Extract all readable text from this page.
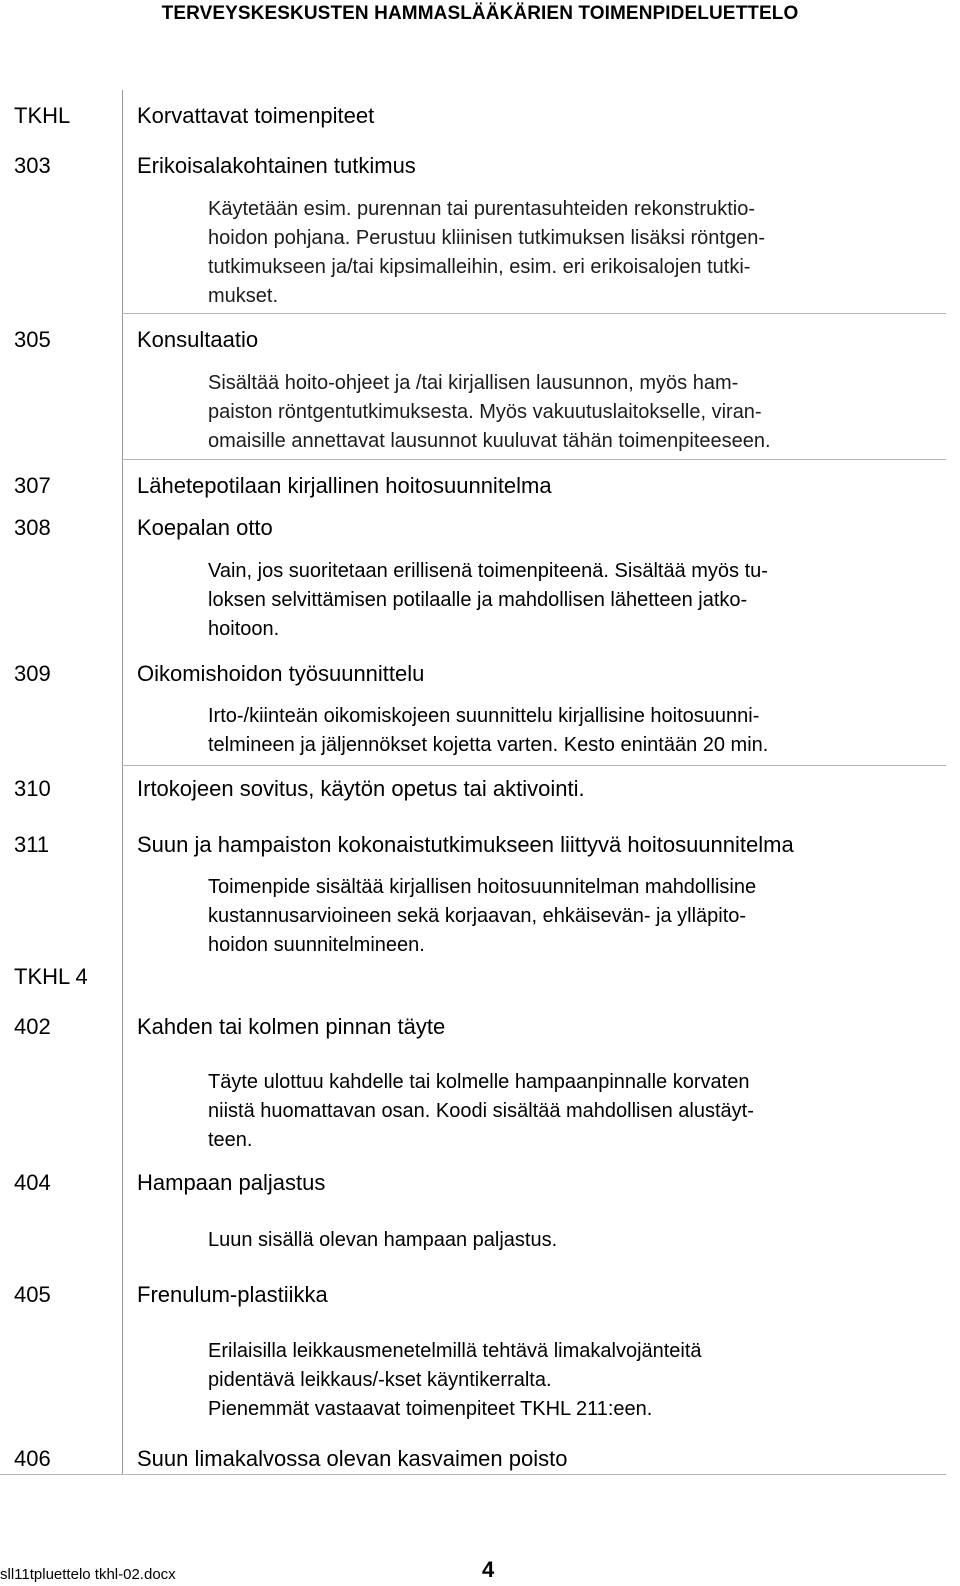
TERVEYSKESKUSTEN HAMMASLÄÄKÄRIEN TOIMENPIDELUETTELO
TKHL	Korvattavat toimenpiteet
303	Erikoisalakohtainen tutkimus
Käytetään esim. purennan tai purentasuhteiden rekonstruktio-
hoidon pohjana. Perustuu kliinisen tutkimuksen lisäksi röntgen-
tutkimukseen ja/tai kipsimalleihin, esim. eri erikoisalojen tutki-
mukset.
305	Konsultaatio
Sisältää hoito-ohjeet ja /tai kirjallisen lausunnon, myös ham-
paiston röntgentutkimuksesta. Myös vakuutuslaitokselle, viran-
omaisille annettavat lausunnot kuuluvat tähän toimenpiteeseen.
307	Lähetepotilaan kirjallinen hoitosuunnitelma
308	Koepalan otto
Vain, jos suoritetaan erillisenä toimenpiteenä. Sisältää myös tu-
loksen selvittämisen potilaalle ja mahdollisen lähetteen jatko-
hoitoon.
309	Oikomishoidon työsuunnittelu
Irto-/kiinteän oikomiskojeen suunnittelu kirjallisine hoitosuunni-
telmineen ja jäljennökset kojetta varten. Kesto enintään 20 min.
310	Irtokojeen sovitus, käytön opetus tai aktivointi.
311	Suun ja hampaiston kokonaistutkimukseen liittyvä hoitosuunnitelma
Toimenpide sisältää kirjallisen hoitosuunnitelman mahdollisine
kustannusarvioineen sekä korjaavan, ehkäisevän- ja ylläpito-
hoidon suunnitelmineen.
TKHL 4
402	Kahden tai kolmen pinnan täyte
Täyte ulottuu kahdelle tai kolmelle hampaanpinnalle korvaten
niistä huomattavan osan. Koodi sisältää mahdollisen alustäyt-
teen.
404	Hampaan paljastus
Luun sisällä olevan hampaan paljastus.
405	Frenulum-plastiikka
Erilaisilla leikkausmenetelmillä tehtävä limakalvojänteitä
pidentävä leikkaus/-kset käyntikerralta.
Pienemmät vastaavat toimenpiteet TKHL 211:een.
406	Suun limakalvossa olevan kasvaimen poisto
sll11tpluettelo tkhl-02.docx	4
